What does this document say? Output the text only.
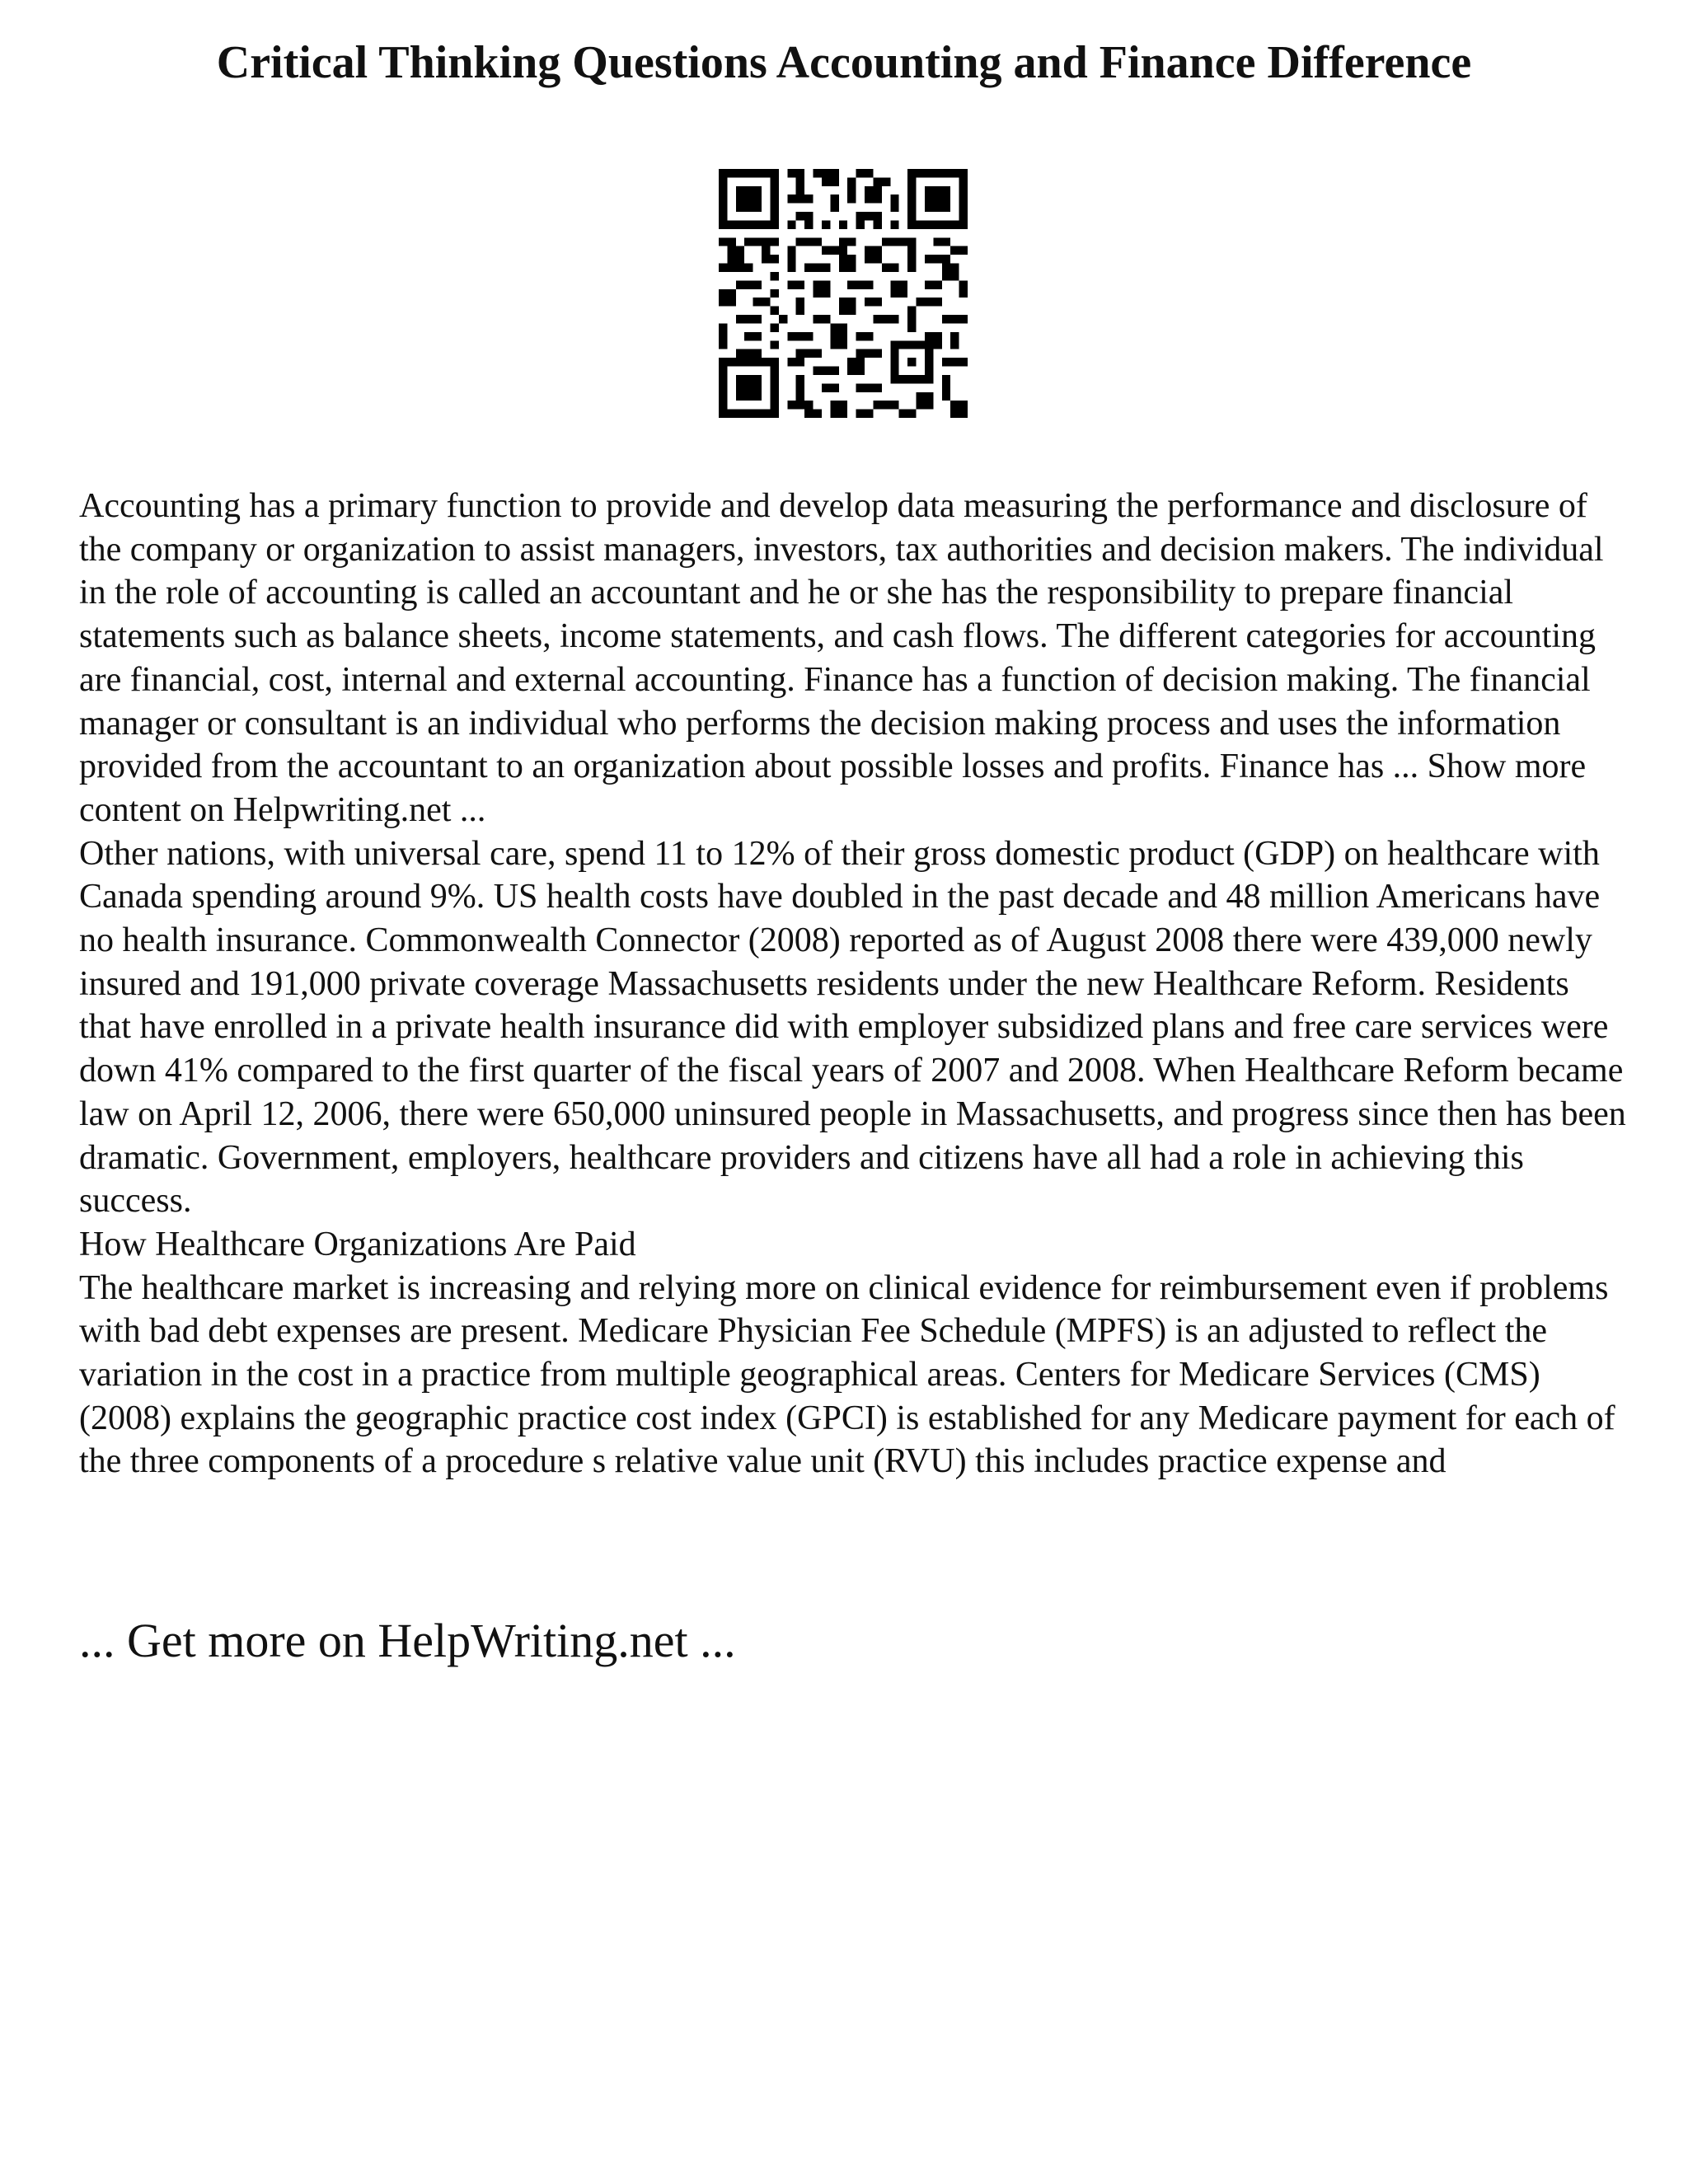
Critical Thinking Questions Accounting and Finance Difference

Accounting has a primary function to provide and develop data measuring the performance and disclosure of the company or organization to assist managers, investors, tax authorities and decision makers. The individual in the role of accounting is called an accountant and he or she has the responsibility to prepare financial statements such as balance sheets, income statements, and cash flows. The different categories for accounting are financial, cost, internal and external accounting. Finance has a function of decision making. The financial manager or consultant is an individual who performs the decision making process and uses the information provided from the accountant to an organization about possible losses and profits. Finance has ... Show more content on Helpwriting.net ...

Other nations, with universal care, spend 11 to 12% of their gross domestic product (GDP) on healthcare with Canada spending around 9%. US health costs have doubled in the past decade and 48 million Americans have no health insurance. Commonwealth Connector (2008) reported as of August 2008 there were 439,000 newly insured and 191,000 private coverage Massachusetts residents under the new Healthcare Reform. Residents that have enrolled in a private health insurance did with employer subsidized plans and free care services were down 41% compared to the first quarter of the fiscal years of 2007 and 2008. When Healthcare Reform became law on April 12, 2006, there were 650,000 uninsured people in Massachusetts, and progress since then has been dramatic. Government, employers, healthcare providers and citizens have all had a role in achieving this success.

How Healthcare Organizations Are Paid

The healthcare market is increasing and relying more on clinical evidence for reimbursement even if problems with bad debt expenses are present. Medicare Physician Fee Schedule (MPFS) is an adjusted to reflect the variation in the cost in a practice from multiple geographical areas. Centers for Medicare Services (CMS) (2008) explains the geographic practice cost index (GPCI) is established for any Medicare payment for each of the three components of a procedure s relative value unit (RVU) this includes practice expense and

... Get more on HelpWriting.net ...
